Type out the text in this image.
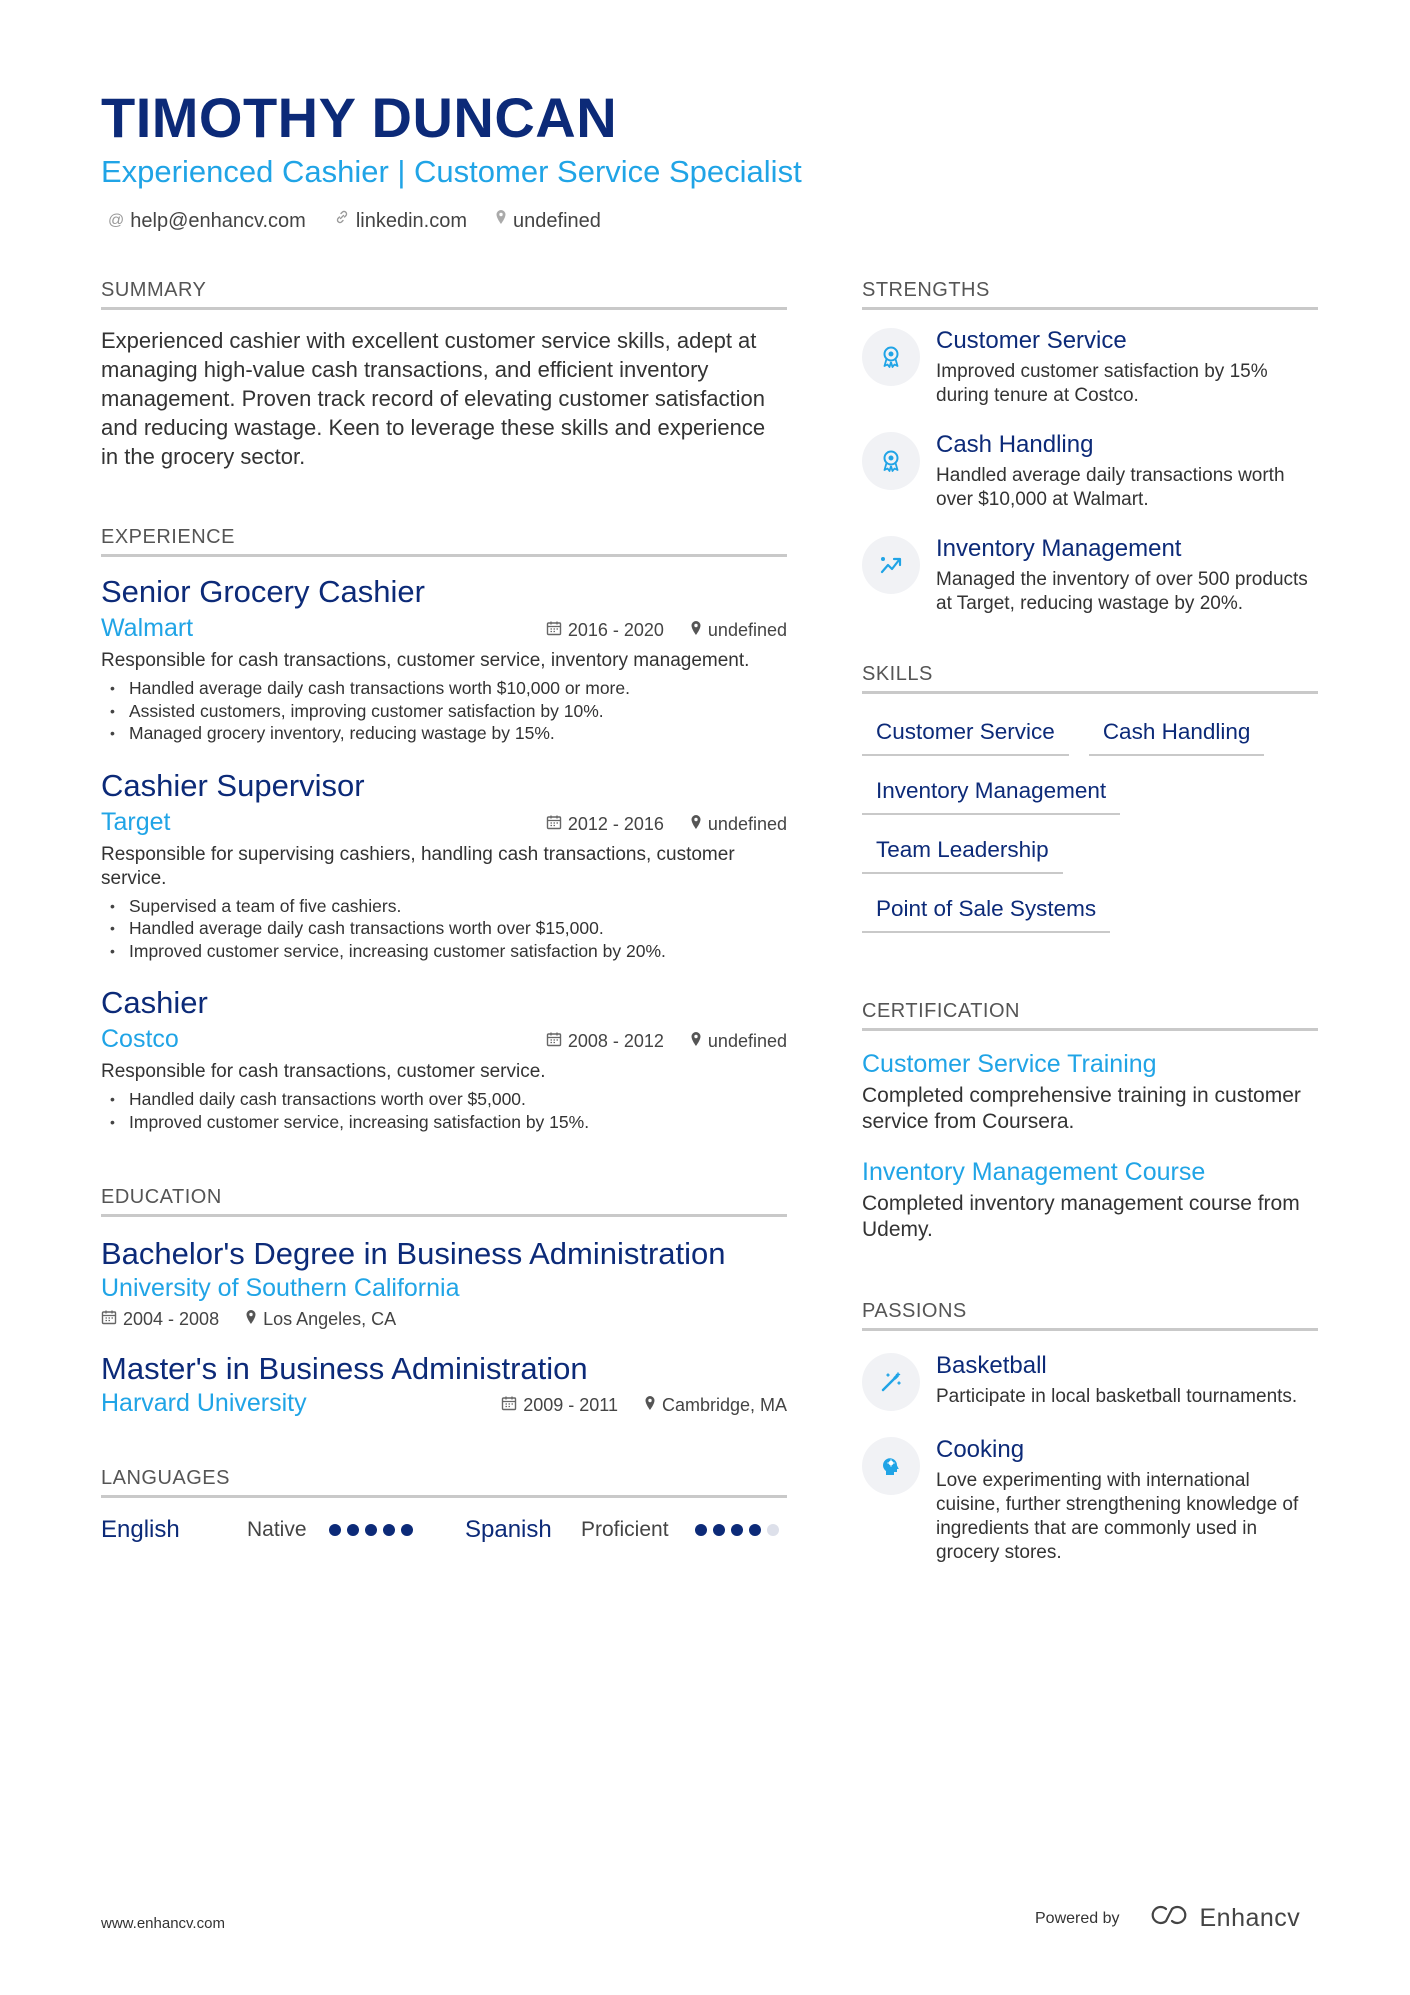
TIMOTHY DUNCAN
Experienced Cashier | Customer Service Specialist
@ help@enhancv.com	linkedin.com undefined
SUMMARY
Experienced cashier with excellent customer service skills, adept at managing high-value cash transactions, and efficient inventory management. Proven track record of elevating customer satisfaction and reducing wastage. Keen to leverage these skills and experience in the grocery sector.
EXPERIENCE
Senior Grocery Cashier
Walmart	2016 - 2020 undefined
Responsible for cash transactions, customer service, inventory management.
• Handled average daily cash transactions worth $10,000 or more.
• Assisted customers, improving customer satisfaction by 10%.
• Managed grocery inventory, reducing wastage by 15%.
Cashier Supervisor
Target	2012 - 2016 undefined
Responsible for supervising cashiers, handling cash transactions, customer service.
• Supervised a team of five cashiers.
• Handled average daily cash transactions worth over $15,000.
• Improved customer service, increasing customer satisfaction by 20%.
Cashier
Costco	2008 - 2012 undefined
Responsible for cash transactions, customer service.
• Handled daily cash transactions worth over $5,000.
• Improved customer service, increasing satisfaction by 15%.
EDUCATION
Bachelor's Degree in Business Administration
University of Southern California
2004 - 2008 Los Angeles, CA
Master's in Business Administration
Harvard University	2009 - 2011 Cambridge, MA
LANGUAGES
English	Native	Spanish	Proficient
STRENGTHS
Customer Service
Improved customer satisfaction by 15% during tenure at Costco.
Cash Handling
Handled average daily transactions worth over $10,000 at Walmart.
Inventory Management
Managed the inventory of over 500 products at Target, reducing wastage by 20%.
SKILLS
Customer Service	Cash Handling
Inventory Management
Team Leadership
Point of Sale Systems
CERTIFICATION
Customer Service Training
Completed comprehensive training in customer service from Coursera.
Inventory Management Course
Completed inventory management course from Udemy.
PASSIONS
Basketball
Participate in local basketball tournaments.
Cooking
Love experimenting with international cuisine, further strengthening knowledge of ingredients that are commonly used in grocery stores.
www.enhancv.com	Powered by	Enhancv
